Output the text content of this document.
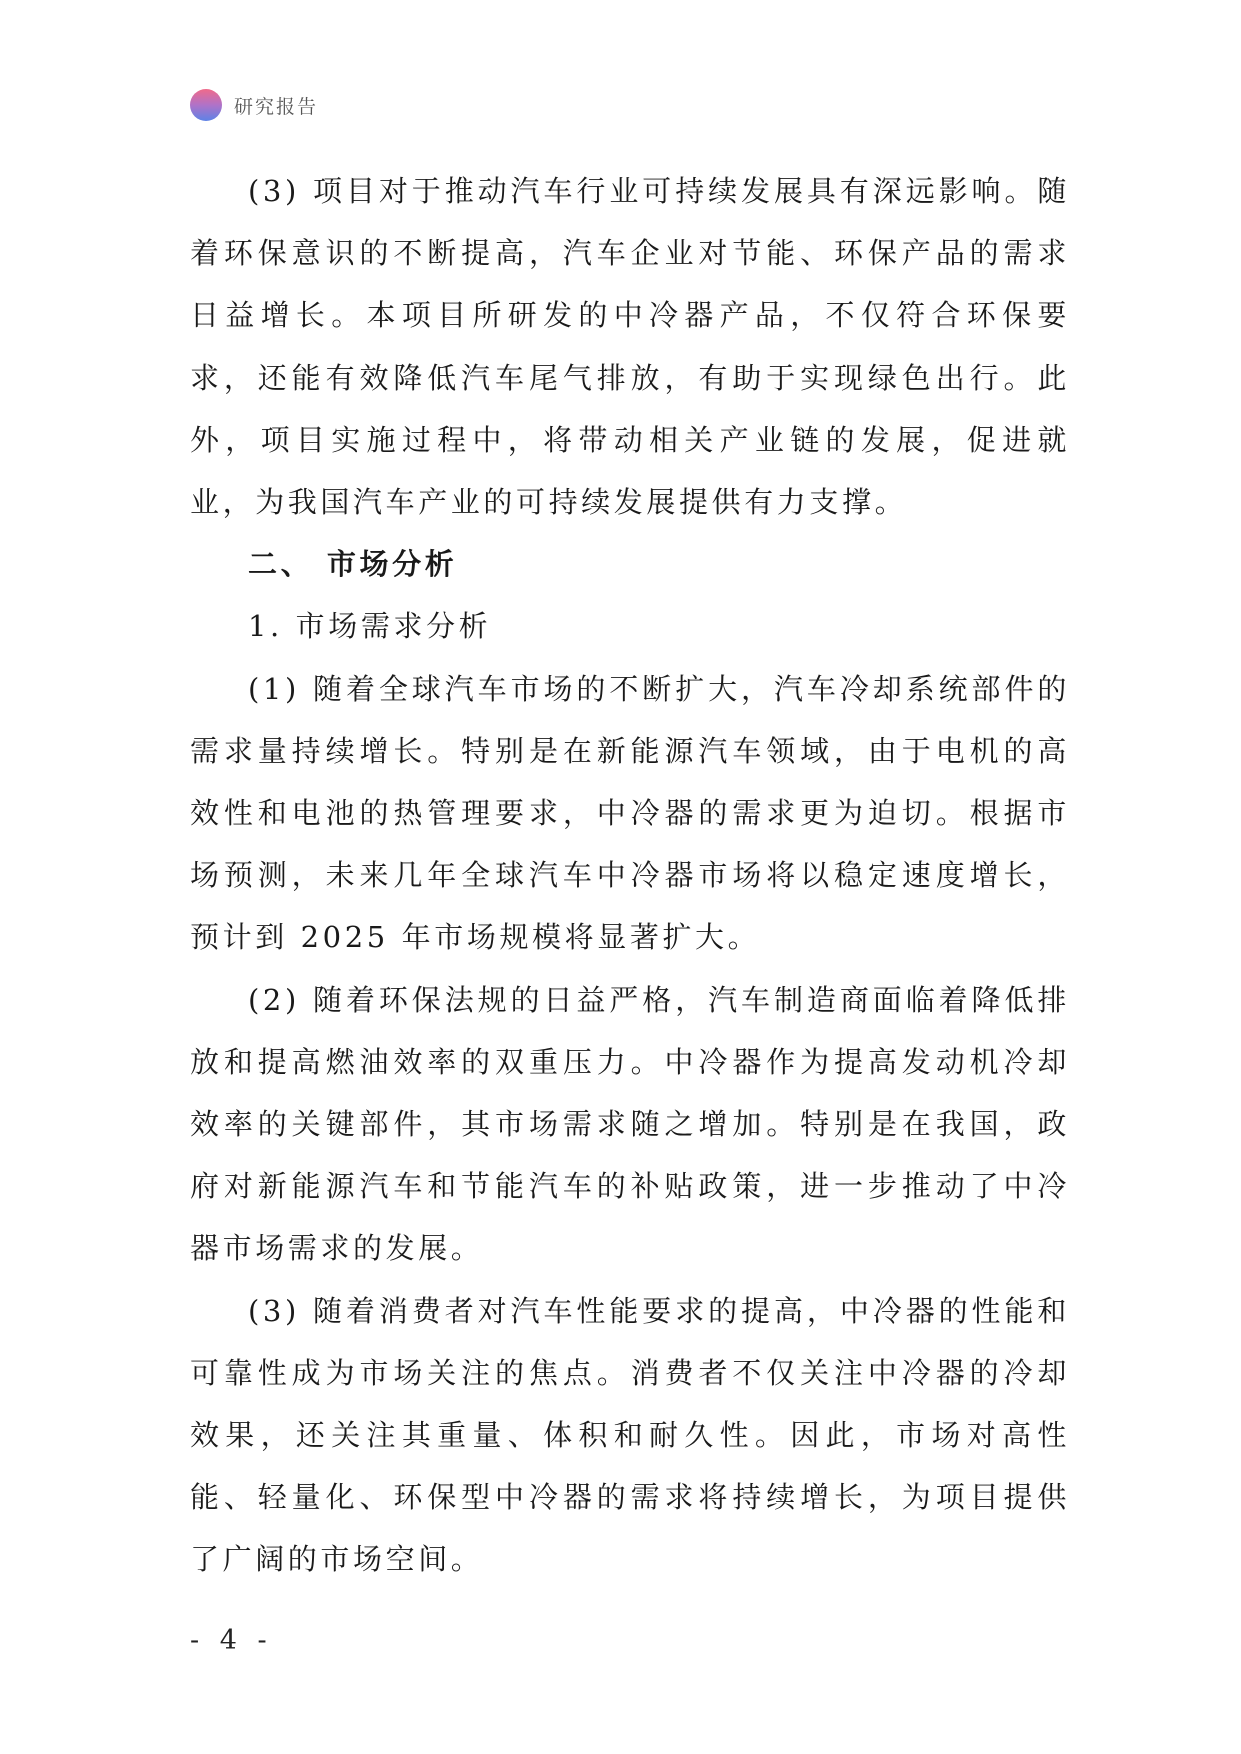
研究报告

(3) 项目对于推动汽车行业可持续发展具有深远影响。随着环保意识的不断提高，汽车企业对节能、环保产品的需求日益增长。本项目所研发的中冷器产品，不仅符合环保要求，还能有效降低汽车尾气排放，有助于实现绿色出行。此外，项目实施过程中，将带动相关产业链的发展，促进就业，为我国汽车产业的可持续发展提供有力支撑。

二、 市场分析

1. 市场需求分析

(1) 随着全球汽车市场的不断扩大，汽车冷却系统部件的需求量持续增长。特别是在新能源汽车领域，由于电机的高效性和电池的热管理要求，中冷器的需求更为迫切。根据市场预测，未来几年全球汽车中冷器市场将以稳定速度增长，预计到 2025 年市场规模将显著扩大。

(2) 随着环保法规的日益严格，汽车制造商面临着降低排放和提高燃油效率的双重压力。中冷器作为提高发动机冷却效率的关键部件，其市场需求随之增加。特别是在我国，政府对新能源汽车和节能汽车的补贴政策，进一步推动了中冷器市场需求的发展。

(3) 随着消费者对汽车性能要求的提高，中冷器的性能和可靠性成为市场关注的焦点。消费者不仅关注中冷器的冷却效果，还关注其重量、体积和耐久性。因此，市场对高性能、轻量化、环保型中冷器的需求将持续增长，为项目提供了广阔的市场空间。

- 4 -
